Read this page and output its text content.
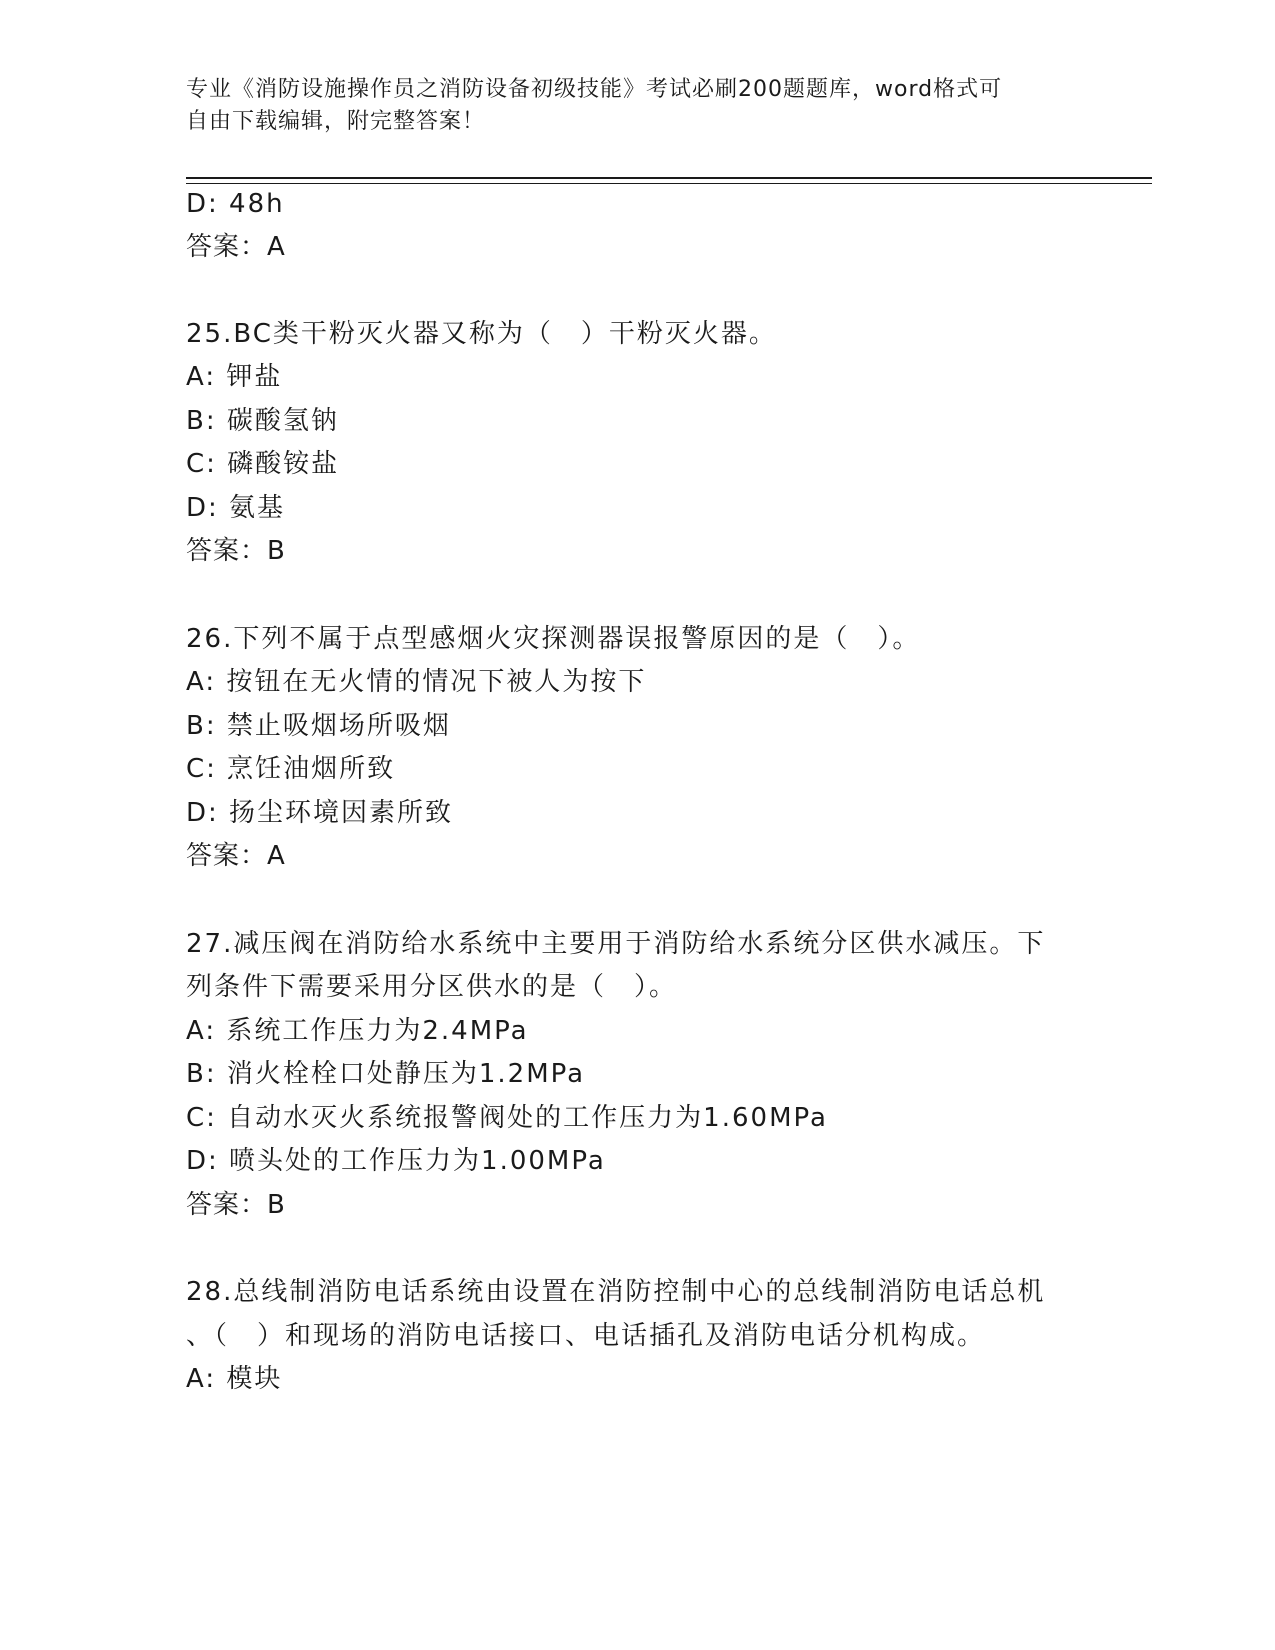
专业《消防设施操作员之消防设备初级技能》考试必刷200题题库，word格式可
自由下载编辑，附完整答案！
D: 48h
答案：A
25.BC类干粉灭火器又称为（　）干粉灭火器。
A: 钾盐
B: 碳酸氢钠
C: 磷酸铵盐
D: 氨基
答案：B
26.下列不属于点型感烟火灾探测器误报警原因的是（　）。
A: 按钮在无火情的情况下被人为按下
B: 禁止吸烟场所吸烟
C: 烹饪油烟所致
D: 扬尘环境因素所致
答案：A
27.减压阀在消防给水系统中主要用于消防给水系统分区供水减压。下
列条件下需要采用分区供水的是（　）。
A: 系统工作压力为2.4MPa
B: 消火栓栓口处静压为1.2MPa
C: 自动水灭火系统报警阀处的工作压力为1.60MPa
D: 喷头处的工作压力为1.00MPa
答案：B
28.总线制消防电话系统由设置在消防控制中心的总线制消防电话总机
、（　）和现场的消防电话接口、电话插孔及消防电话分机构成。
A: 模块
